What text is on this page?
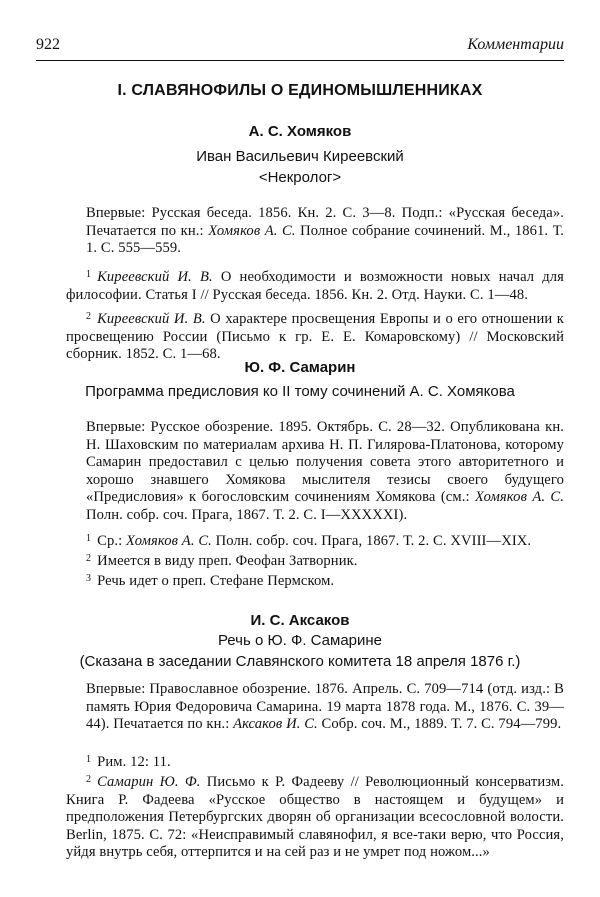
922	Комментарии
I. СЛАВЯНОФИЛЫ О ЕДИНОМЫШЛЕННИКАХ
А. С. Хомяков
Иван Васильевич Киреевский
<Некролог>
Впервые: Русская беседа. 1856. Кн. 2. С. 3—8. Подп.: «Русская беседа». Печатается по кн.: Хомяков А. С. Полное собрание сочинений. М., 1861. Т. 1. С. 555—559.
$^1$ Киреевский И. В. О необходимости и возможности новых начал для философии. Статья I // Русская беседа. 1856. Кн. 2. Отд. Науки. С. 1—48.
$^2$ Киреевский И. В. О характере просвещения Европы и о его отношении к просвещению России (Письмо к гр. Е. Е. Комаровскому) // Московский сборник. 1852. С. 1—68.
Ю. Ф. Самарин
Программа предисловия ко II тому сочинений А. С. Хомякова
Впервые: Русское обозрение. 1895. Октябрь. С. 28—32. Опубликована кн. Н. Шаховским по материалам архива Н. П. Гилярова-Платонова, которому Самарин предоставил с целью получения совета этого авторитетного и хорошо знавшего Хомякова мыслителя тезисы своего будущего «Предисловия» к богословским сочинениям Хомякова (см.: Хомяков А. С. Полн. собр. соч. Прага, 1867. Т. 2. С. I—XXXXXI).
$^1$ Ср.: Хомяков А. С. Полн. собр. соч. Прага, 1867. Т. 2. С. XVIII—XIX.
$^2$ Имеется в виду преп. Феофан Затворник.
$^3$ Речь идет о преп. Стефане Пермском.
И. С. Аксаков
Речь о Ю. Ф. Самарине
(Сказана в заседании Славянского комитета 18 апреля 1876 г.)
Впервые: Православное обозрение. 1876. Апрель. С. 709—714 (отд. изд.: В память Юрия Федоровича Самарина. 19 марта 1878 года. М., 1876. С. 39—44). Печатается по кн.: Аксаков И. С. Собр. соч. М., 1889. Т. 7. С. 794—799.
$^1$ Рим. 12: 11.
$^2$ Самарин Ю. Ф. Письмо к Р. Фадееву // Революционный консерватизм. Книга Р. Фадеева «Русское общество в настоящем и будущем» и предположения Петербургских дворян об организации всесословной волости. Berlin, 1875. С. 72: «Неисправимый славянофил, я все-таки верю, что Россия, уйдя внутрь себя, оттерпится и на сей раз и не умрет под ножом...»
